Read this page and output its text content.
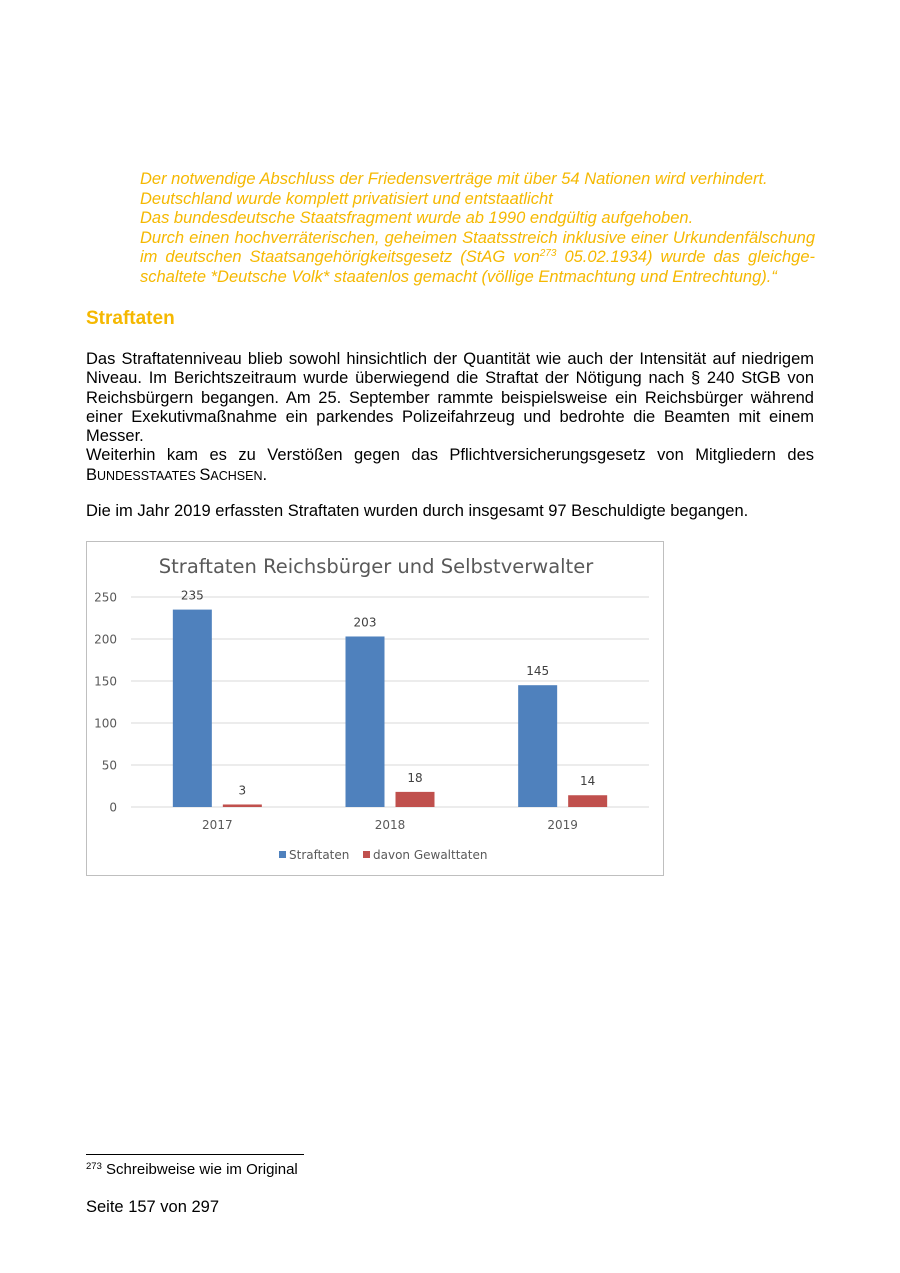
Der notwendige Abschluss der Friedensverträge mit über 54 Nationen wird verhindert.
Deutschland wurde komplett privatisiert und entstaatlicht
Das bundesdeutsche Staatsfragment wurde ab 1990 endgültig aufgehoben.
Durch einen hochverräterischen, geheimen Staatsstreich inklusive einer Urkundenfälschung
im deutschen Staatsangehörigkeitsgesetz (StAG von$^{273}$ 05.02.1934) wurde das gleichge-
schaltete *Deutsche Volk* staatenlos gemacht (völlige Entmachtung und Entrechtung).“
Straftaten
Das Straftatenniveau blieb sowohl hinsichtlich der Quantität wie auch der Intensität auf niedrigem
Niveau. Im Berichtszeitraum wurde überwiegend die Straftat der Nötigung nach § 240 StGB von
Reichsbürgern begangen. Am 25. September rammte beispielsweise ein Reichsbürger während
einer Exekutivmaßnahme ein parkendes Polizeifahrzeug und bedrohte die Beamten mit einem
Messer.
Weiterhin kam es zu Verstößen gegen das Pflichtversicherungsgesetz von Mitgliedern des
BUNDESSTAATES SACHSEN.
Die im Jahr 2019 erfassten Straftaten wurden durch insgesamt 97 Beschuldigte begangen.
Straftaten Reichsbürger und Selbstverwalter
0
50
100
150
200
250	235
3
2017
203
18
2018
145
14
2019
Straftaten davon Gewalttaten
$^{273}$ Schreibweise wie im Original
Seite 157 von 297
